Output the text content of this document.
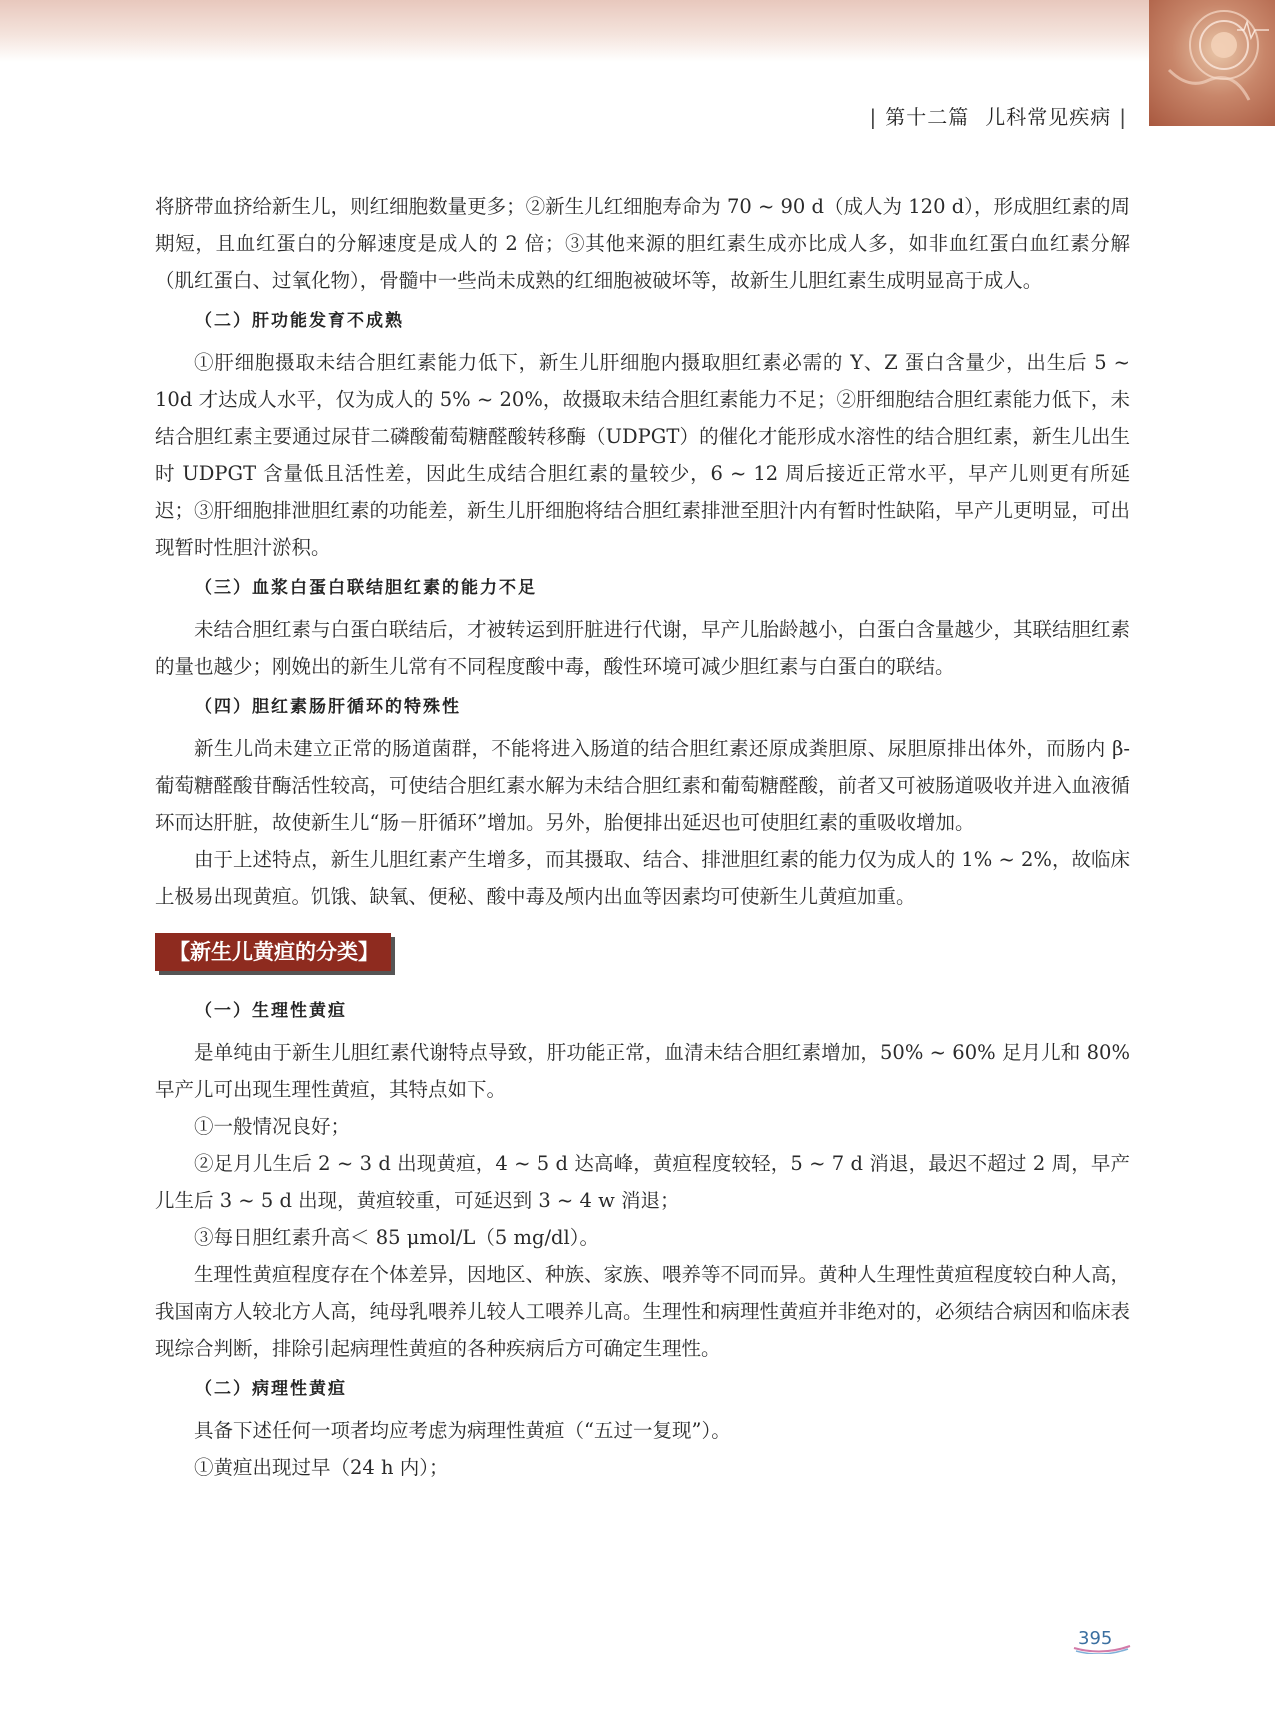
| 第十二篇 儿科常见疾病 |

将脐带血挤给新生儿，则红细胞数量更多；②新生儿红细胞寿命为 70 ~ 90 d（成人为 120 d），形成胆红素的周期短，且血红蛋白的分解速度是成人的 2 倍；③其他来源的胆红素生成亦比成人多，如非血红蛋白血红素分解（肌红蛋白、过氧化物），骨髓中一些尚未成熟的红细胞被破坏等，故新生儿胆红素生成明显高于成人。

（二）肝功能发育不成熟

①肝细胞摄取未结合胆红素能力低下，新生儿肝细胞内摄取胆红素必需的 Y、Z 蛋白含量少，出生后 5 ~ 10d 才达成人水平，仅为成人的 5% ~ 20%，故摄取未结合胆红素能力不足；②肝细胞结合胆红素能力低下，未结合胆红素主要通过尿苷二磷酸葡萄糖醛酸转移酶（UDPGT）的催化才能形成水溶性的结合胆红素，新生儿出生时 UDPGT 含量低且活性差，因此生成结合胆红素的量较少，6 ~ 12 周后接近正常水平，早产儿则更有所延迟；③肝细胞排泄胆红素的功能差，新生儿肝细胞将结合胆红素排泄至胆汁内有暂时性缺陷，早产儿更明显，可出现暂时性胆汁淤积。

（三）血浆白蛋白联结胆红素的能力不足

未结合胆红素与白蛋白联结后，才被转运到肝脏进行代谢，早产儿胎龄越小，白蛋白含量越少，其联结胆红素的量也越少；刚娩出的新生儿常有不同程度酸中毒，酸性环境可减少胆红素与白蛋白的联结。

（四）胆红素肠肝循环的特殊性

新生儿尚未建立正常的肠道菌群，不能将进入肠道的结合胆红素还原成粪胆原、尿胆原排出体外，而肠内 β- 葡萄糖醛酸苷酶活性较高，可使结合胆红素水解为未结合胆红素和葡萄糖醛酸，前者又可被肠道吸收并进入血液循环而达肝脏，故使新生儿“肠－肝循环”增加。另外，胎便排出延迟也可使胆红素的重吸收增加。

由于上述特点，新生儿胆红素产生增多，而其摄取、结合、排泄胆红素的能力仅为成人的 1% ~ 2%，故临床上极易出现黄疸。饥饿、缺氧、便秘、酸中毒及颅内出血等因素均可使新生儿黄疸加重。

【新生儿黄疸的分类】
（一）生理性黄疸

是单纯由于新生儿胆红素代谢特点导致，肝功能正常，血清未结合胆红素增加，50% ~ 60% 足月儿和 80%早产儿可出现生理性黄疸，其特点如下。

①一般情况良好；

②足月儿生后 2 ~ 3 d 出现黄疸，4 ~ 5 d 达高峰，黄疸程度较轻，5 ~ 7 d 消退，最迟不超过 2 周，早产儿生后 3 ~ 5 d 出现，黄疸较重，可延迟到 3 ~ 4 w 消退；

③每日胆红素升高＜ 85 μmol/L（5 mg/dl）。

生理性黄疸程度存在个体差异，因地区、种族、家族、喂养等不同而异。黄种人生理性黄疸程度较白种人高，我国南方人较北方人高，纯母乳喂养儿较人工喂养儿高。生理性和病理性黄疸并非绝对的，必须结合病因和临床表现综合判断，排除引起病理性黄疸的各种疾病后方可确定生理性。

（二）病理性黄疸

具备下述任何一项者均应考虑为病理性黄疸（“五过一复现”）。

①黄疸出现过早（24 h 内）；

395
